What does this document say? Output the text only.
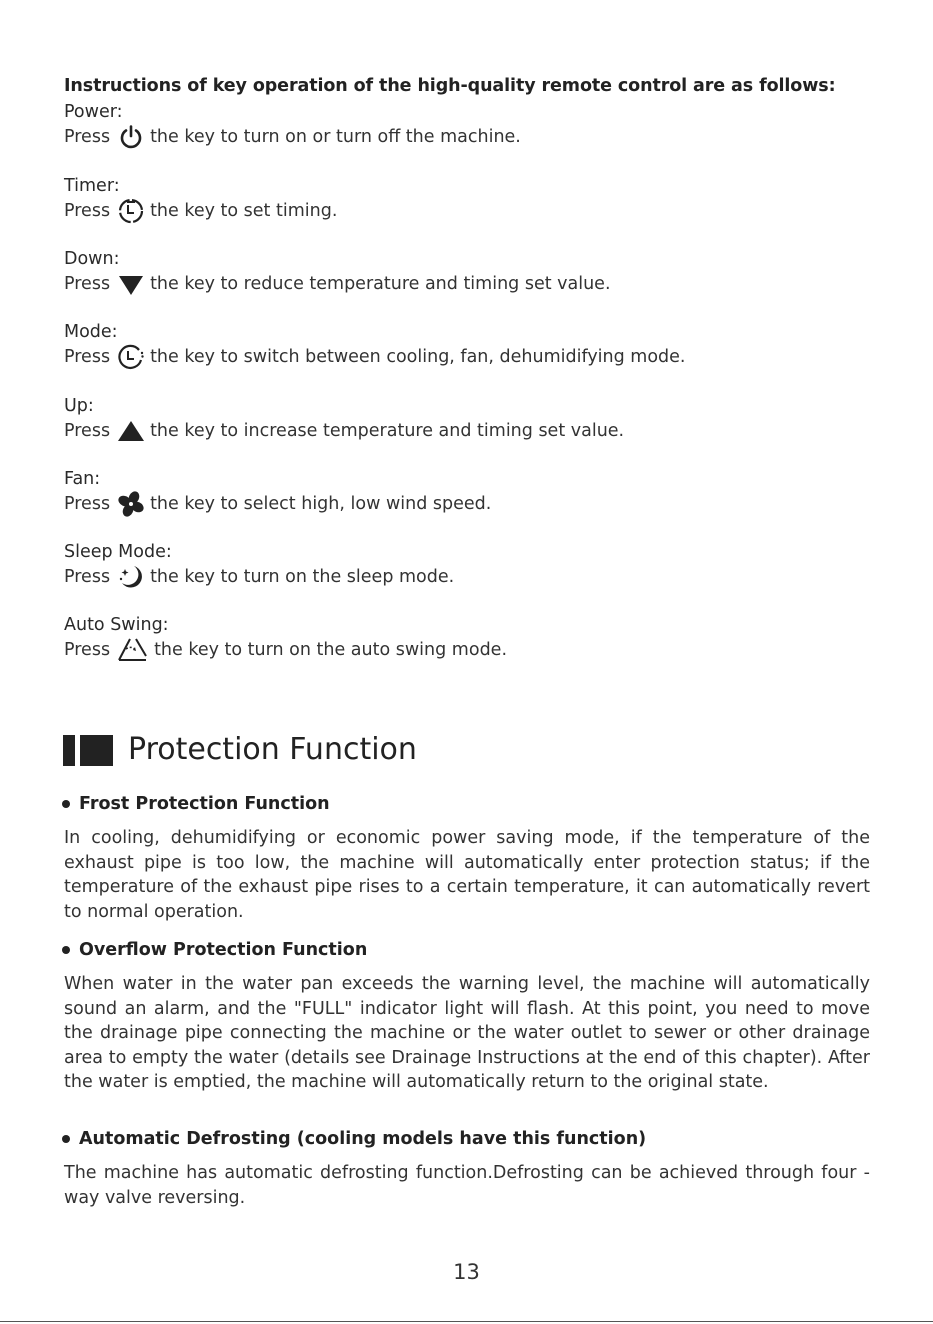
Instructions of key operation of the high-quality remote control are as follows:
Power:
Press the key to turn on or turn off the machine.
Timer:
Press the key to set timing.
Down:
Press the key to reduce temperature and timing set value.
Mode:
Press the key to switch between cooling, fan, dehumidifying mode.
Up:
Press the key to increase temperature and timing set value.
Fan:
Press the key to select high, low wind speed.
Sleep Mode:
Press the key to turn on the sleep mode.
Auto Swing:
Press	the key to turn on the auto swing mode.
Protection Function
Frost Protection Function
In cooling, dehumidifying or economic power saving mode, if the temperature of the exhaust pipe is too low, the machine will automatically enter protection status; if the temperature of the exhaust pipe rises to a certain temperature, it can automatically revert to normal operation.
Overflow Protection Function
When water in the water pan exceeds the warning level, the machine will automatically sound an alarm, and the "FULL" indicator light will flash. At this point, you need to move the drainage pipe connecting the machine or the water outlet to sewer or other drainage area to empty the water (details see Drainage Instructions at the end of this chapter). After the water is emptied, the machine will automatically return to the original state.
Automatic Defrosting (cooling models have this function)
The machine has automatic defrosting function.Defrosting can be achieved through four - way valve reversing.
13
